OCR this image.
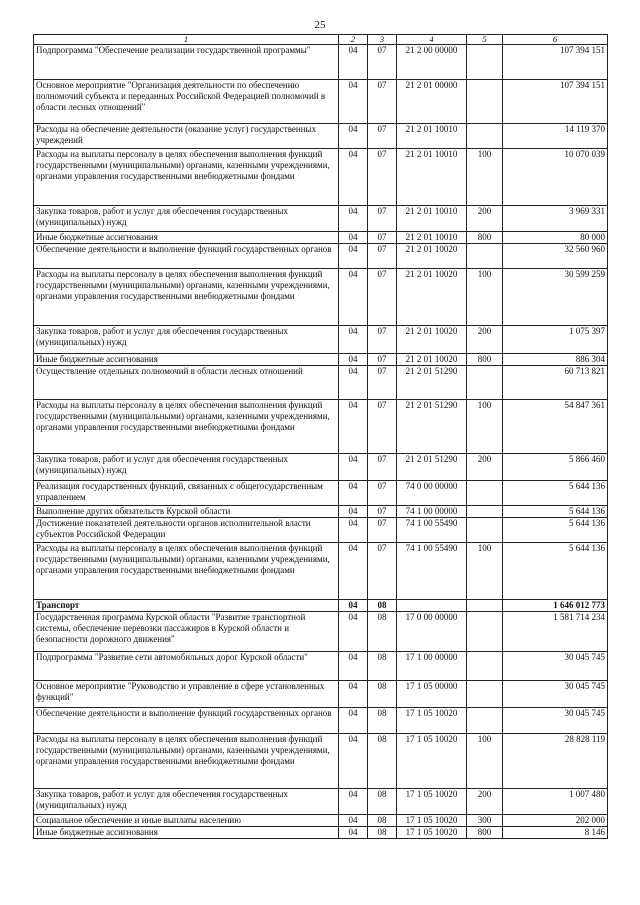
25
1	2	3	4	5	6
Подпрограмма "Обеспечение реализации государственной программы"	04	07	21 2 00 00000		107 394 151
Основное мероприятие "Организация деятельности по обеспечению полномочий субъекта и переданных Российской Федерацией полномочий в области лесных отношений"	04	07	21 2 01 00000		107 394 151
Расходы на обеспечение деятельности (оказание услуг) государственных учреждений	04	07	21 2 01 10010		14 119 370
Расходы на выплаты персоналу в целях обеспечения выполнения функций государственными (муниципальными) органами, казенными учреждениями, органами управления государственными внебюджетными фондами	04	07	21 2 01 10010	100	10 070 039
Закупка товаров, работ и услуг для обеспечения государственных (муниципальных) нужд	04	07	21 2 01 10010	200	3 969 331
Иные бюджетные ассигнования	04	07	21 2 01 10010	800	80 000
Обеспечение деятельности и выполнение функций государственных органов	04	07	21 2 01 10020		32 560 960
Расходы на выплаты персоналу в целях обеспечения выполнения функций государственными (муниципальными) органами, казенными учреждениями, органами управления государственными внебюджетными фондами	04	07	21 2 01 10020	100	30 599 259
Закупка товаров, работ и услуг для обеспечения государственных (муниципальных) нужд	04	07	21 2 01 10020	200	1 075 397
Иные бюджетные ассигнования	04	07	21 2 01 10020	800	886 304
Осуществление отдельных полномочий в области лесных отношений	04	07	21 2 01 51290		60 713 821
Расходы на выплаты персоналу в целях обеспечения выполнения функций государственными (муниципальными) органами, казенными учреждениями, органами управления государственными внебюджетными фондами	04	07	21 2 01 51290	100	54 847 361
Закупка товаров, работ и услуг для обеспечения государственных (муниципальных) нужд	04	07	21 2 01 51290	200	5 866 460
Реализация государственных функций, связанных с общегосударственным управлением	04	07	74 0 00 00000		5 644 136
Выполнение других обязательств Курской области	04	07	74 1 00 00000		5 644 136
Достижение показателей деятельности органов исполнительной власти субъектов Российской Федерации	04	07	74 1 00 55490		5 644 136
Расходы на выплаты персоналу в целях обеспечения выполнения функций государственными (муниципальными) органами, казенными учреждениями, органами управления государственными внебюджетными фондами	04	07	74 1 00 55490	100	5 644 136
Транспорт	04	08			1 646 012 773
Государственная программа Курской области "Развитие транспортной системы, обеспечение перевозки пассажиров в Курской области и безопасности дорожного движения"	04	08	17 0 00 00000		1 581 714 234
Подпрограмма "Развитие сети автомобильных дорог Курской области"	04	08	17 1 00 00000		30 045 745
Основное мероприятие "Руководство и управление в сфере установленных функций"	04	08	17 1 05 00000		30 045 745
Обеспечение деятельности и выполнение функций государственных органов	04	08	17 1 05 10020		30 045 745
Расходы на выплаты персоналу в целях обеспечения выполнения функций государственными (муниципальными) органами, казенными учреждениями, органами управления государственными внебюджетными фондами	04	08	17 1 05 10020	100	28 828 119
Закупка товаров, работ и услуг для обеспечения государственных (муниципальных) нужд	04	08	17 1 05 10020	200	1 007 480
Социальное обеспечение и иные выплаты населению	04	08	17 1 05 10020	300	202 000
Иные бюджетные ассигнования	04	08	17 1 05 10020	800	8 146
